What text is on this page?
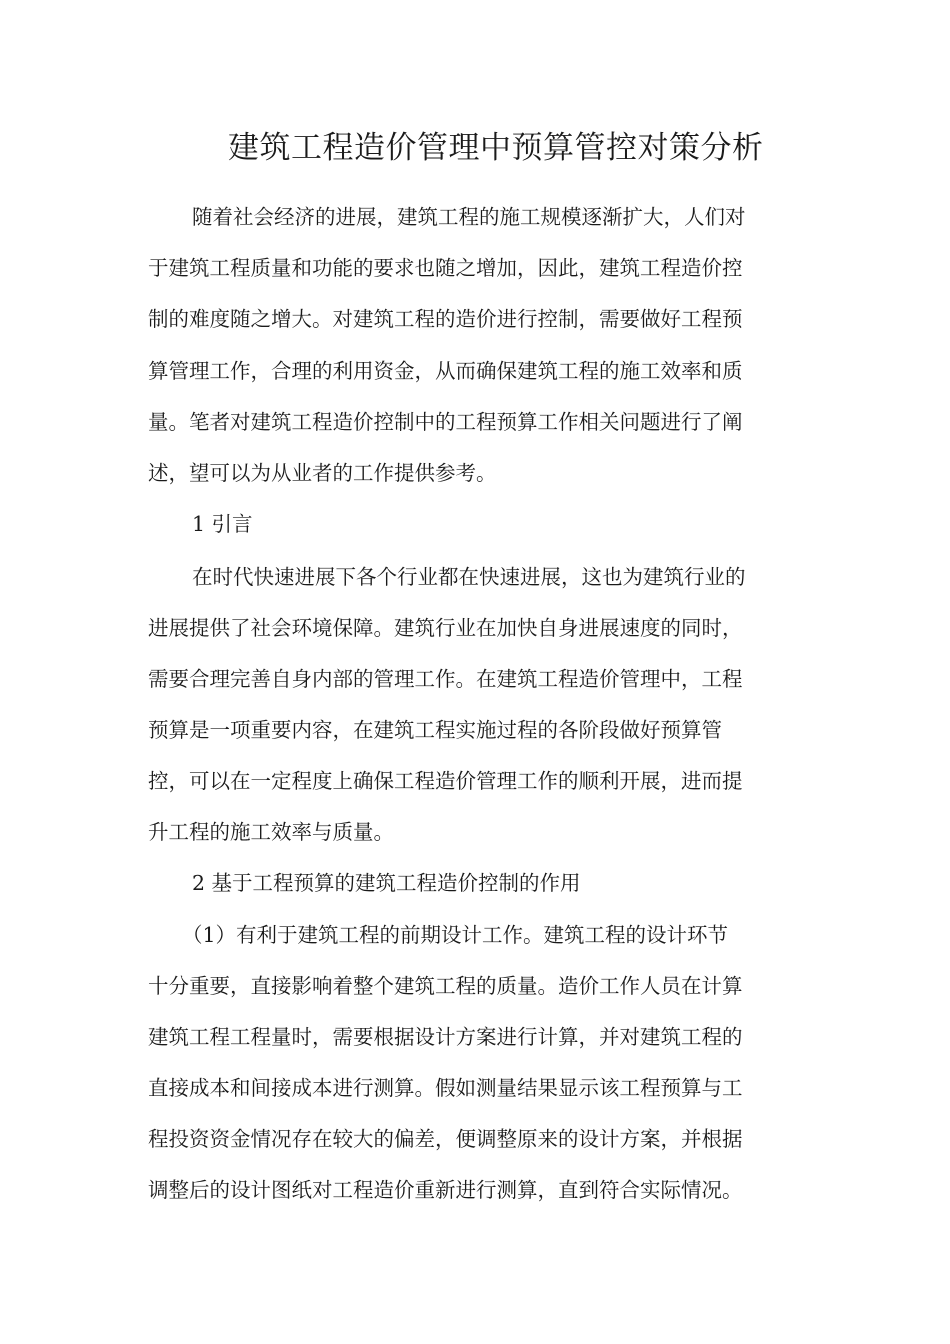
建筑工程造价管理中预算管控对策分析

随着社会经济的进展，建筑工程的施工规模逐渐扩大，人们对

于建筑工程质量和功能的要求也随之增加，因此，建筑工程造价控

制的难度随之增大。对建筑工程的造价进行控制，需要做好工程预

算管理工作，合理的利用资金，从而确保建筑工程的施工效率和质

量。笔者对建筑工程造价控制中的工程预算工作相关问题进行了阐

述，望可以为从业者的工作提供参考。

1 引言

在时代快速进展下各个行业都在快速进展，这也为建筑行业的

进展提供了社会环境保障。建筑行业在加快自身进展速度的同时，

需要合理完善自身内部的管理工作。在建筑工程造价管理中，工程

预算是一项重要内容，在建筑工程实施过程的各阶段做好预算管

控，可以在一定程度上确保工程造价管理工作的顺利开展，进而提

升工程的施工效率与质量。

2 基于工程预算的建筑工程造价控制的作用

（1）有利于建筑工程的前期设计工作。建筑工程的设计环节

十分重要，直接影响着整个建筑工程的质量。造价工作人员在计算

建筑工程工程量时，需要根据设计方案进行计算，并对建筑工程的

直接成本和间接成本进行测算。假如测量结果显示该工程预算与工

程投资资金情况存在较大的偏差，便调整原来的设计方案，并根据

调整后的设计图纸对工程造价重新进行测算，直到符合实际情况。
